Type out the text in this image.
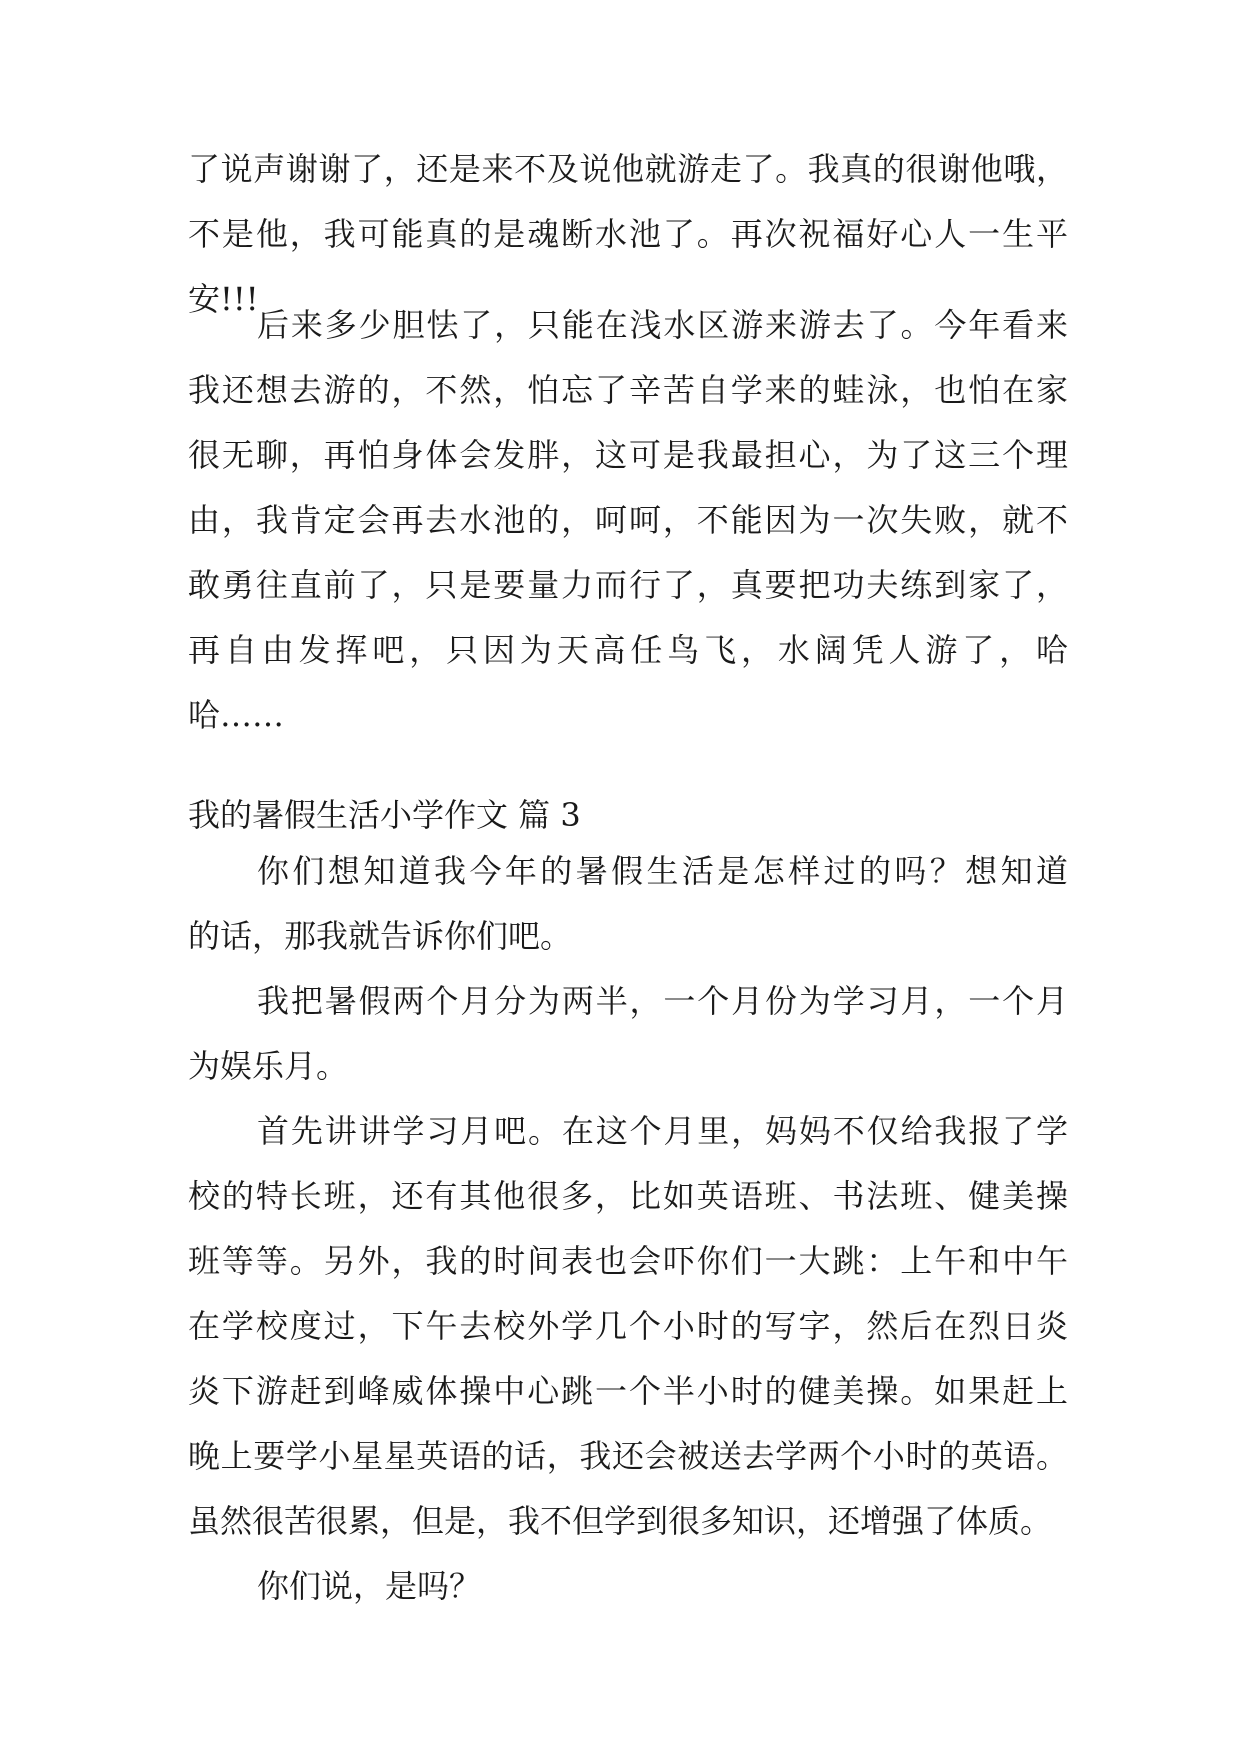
了说声谢谢了，还是来不及说他就游走了。我真的很谢他哦，
不是他，我可能真的是魂断水池了。再次祝福好心人一生平
安!!!
后来多少胆怯了，只能在浅水区游来游去了。今年看来
我还想去游的，不然，怕忘了辛苦自学来的蛙泳，也怕在家
很无聊，再怕身体会发胖，这可是我最担心，为了这三个理
由，我肯定会再去水池的，呵呵，不能因为一次失败，就不
敢勇往直前了，只是要量力而行了，真要把功夫练到家了，
再自由发挥吧，只因为天高任鸟飞，水阔凭人游了，哈
哈……
我的暑假生活小学作文 篇 3
你们想知道我今年的暑假生活是怎样过的吗？想知道
的话，那我就告诉你们吧。
我把暑假两个月分为两半，一个月份为学习月，一个月
为娱乐月。
首先讲讲学习月吧。在这个月里，妈妈不仅给我报了学
校的特长班，还有其他很多，比如英语班、书法班、健美操
班等等。另外，我的时间表也会吓你们一大跳：上午和中午
在学校度过，下午去校外学几个小时的写字，然后在烈日炎
炎下游赶到峰威体操中心跳一个半小时的健美操。如果赶上
晚上要学小星星英语的话，我还会被送去学两个小时的英语。
虽然很苦很累，但是，我不但学到很多知识，还增强了体质。
你们说，是吗？
